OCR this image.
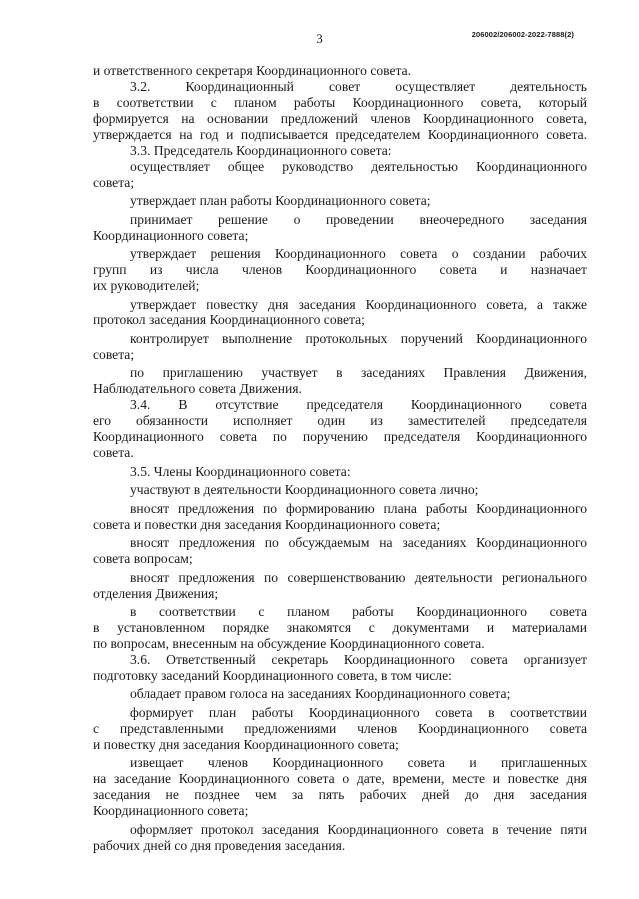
3	206002/206002-2022-7888(2)
и ответственного секретаря Координационного совета.
3.2. Координационный совет осуществляет деятельность
в соответствии с планом работы Координационного совета, который
формируется на основании предложений членов Координационного совета,
утверждается на год и подписывается председателем Координационного совета.
3.3. Председатель Координационного совета:
осуществляет общее руководство деятельностью Координационного
совета;
утверждает план работы Координационного совета;
принимает решение о проведении внеочередного заседания
Координационного совета;
утверждает решения Координационного совета о создании рабочих
групп из числа членов Координационного совета и назначает
их руководителей;
утверждает повестку дня заседания Координационного совета, а также
протокол заседания Координационного совета;
контролирует выполнение протокольных поручений Координационного
совета;
по приглашению участвует в заседаниях Правления Движения,
Наблюдательного совета Движения.
3.4. В отсутствие председателя Координационного совета
его обязанности исполняет один из заместителей председателя
Координационного совета по поручению председателя Координационного
совета.
3.5. Члены Координационного совета:
участвуют в деятельности Координационного совета лично;
вносят предложения по формированию плана работы Координационного
совета и повестки дня заседания Координационного совета;
вносят предложения по обсуждаемым на заседаниях Координационного
совета вопросам;
вносят предложения по совершенствованию деятельности регионального
отделения Движения;
в соответствии с планом работы Координационного совета
в установленном порядке знакомятся с документами и материалами
по вопросам, внесенным на обсуждение Координационного совета.
3.6. Ответственный секретарь Координационного совета организует
подготовку заседаний Координационного совета, в том числе:
обладает правом голоса на заседаниях Координационного совета;
формирует план работы Координационного совета в соответствии
с представленными предложениями членов Координационного совета
и повестку дня заседания Координационного совета;
извещает членов Координационного совета и приглашенных
на заседание Координационного совета о дате, времени, месте и повестке дня
заседания не позднее чем за пять рабочих дней до дня заседания
Координационного совета;
оформляет протокол заседания Координационного совета в течение пяти
рабочих дней со дня проведения заседания.
